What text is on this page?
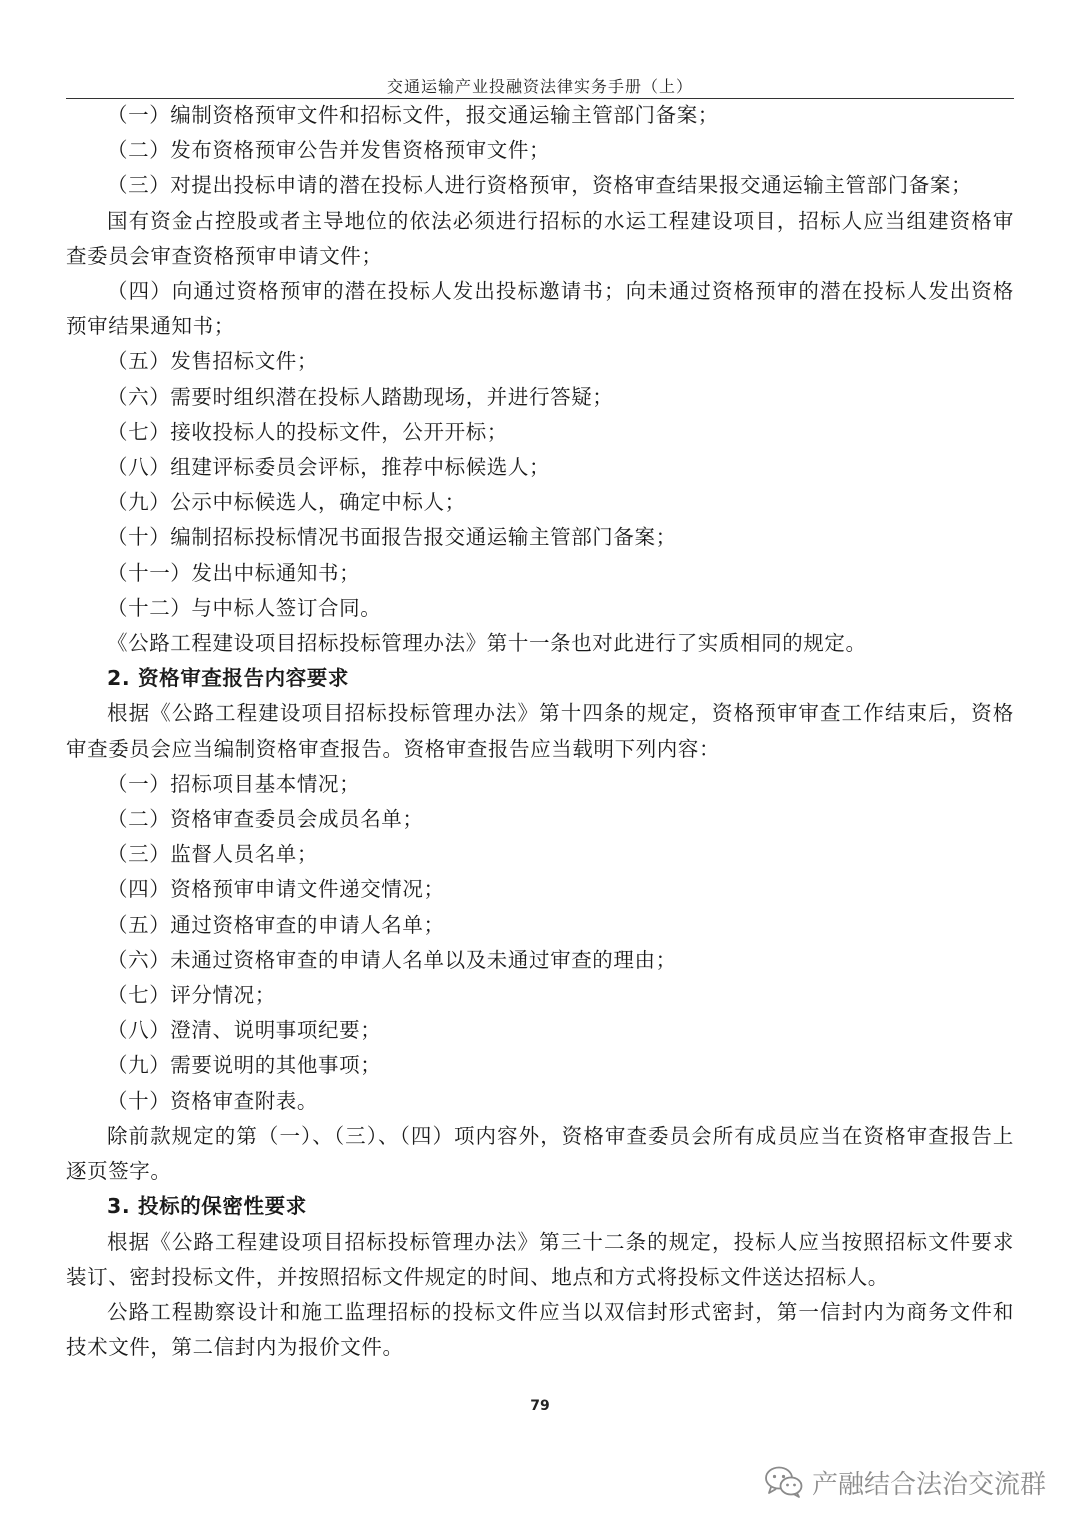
交通运输产业投融资法律实务手册（上）

（一）编制资格预审文件和招标文件，报交通运输主管部门备案；

（二）发布资格预审公告并发售资格预审文件；

（三）对提出投标申请的潜在投标人进行资格预审，资格审查结果报交通运输主管部门备案；

国有资金占控股或者主导地位的依法必须进行招标的水运工程建设项目，招标人应当组建资格审查委员会审查资格预审申请文件；

（四）向通过资格预审的潜在投标人发出投标邀请书；向未通过资格预审的潜在投标人发出资格预审结果通知书；

（五）发售招标文件；

（六）需要时组织潜在投标人踏勘现场，并进行答疑；

（七）接收投标人的投标文件，公开开标；

（八）组建评标委员会评标，推荐中标候选人；

（九）公示中标候选人，确定中标人；

（十）编制招标投标情况书面报告报交通运输主管部门备案；

（十一）发出中标通知书；

（十二）与中标人签订合同。

《公路工程建设项目招标投标管理办法》第十一条也对此进行了实质相同的规定。

2. 资格审查报告内容要求

根据《公路工程建设项目招标投标管理办法》第十四条的规定，资格预审审查工作结束后，资格审查委员会应当编制资格审查报告。资格审查报告应当载明下列内容：

（一）招标项目基本情况；

（二）资格审查委员会成员名单；

（三）监督人员名单；

（四）资格预审申请文件递交情况；

（五）通过资格审查的申请人名单；

（六）未通过资格审查的申请人名单以及未通过审查的理由；

（七）评分情况；

（八）澄清、说明事项纪要；

（九）需要说明的其他事项；

（十）资格审查附表。

除前款规定的第（一）、（三）、（四）项内容外，资格审查委员会所有成员应当在资格审查报告上逐页签字。

3. 投标的保密性要求

根据《公路工程建设项目招标投标管理办法》第三十二条的规定，投标人应当按照招标文件要求装订、密封投标文件，并按照招标文件规定的时间、地点和方式将投标文件送达招标人。

公路工程勘察设计和施工监理招标的投标文件应当以双信封形式密封，第一信封内为商务文件和技术文件，第二信封内为报价文件。

79
产融结合法治交流群
